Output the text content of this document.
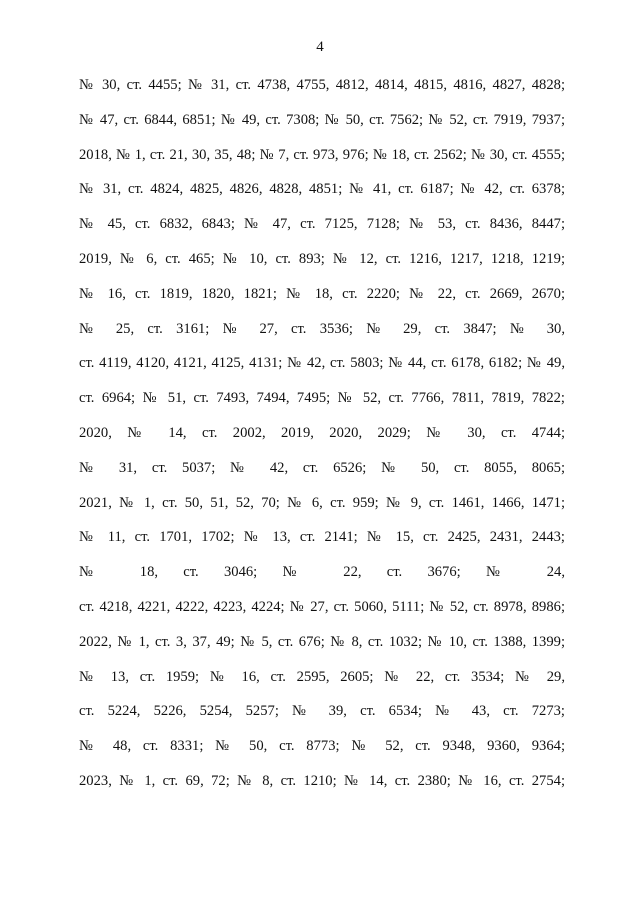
4
№ 30, ст. 4455; № 31, ст. 4738, 4755, 4812, 4814, 4815, 4816, 4827, 4828;
№ 47, ст. 6844, 6851; № 49, ст. 7308; № 50, ст. 7562; № 52, ст. 7919, 7937;
2018, № 1, ст. 21, 30, 35, 48; № 7, ст. 973, 976; № 18, ст. 2562; № 30, ст. 4555;
№ 31, ст. 4824, 4825, 4826, 4828, 4851; № 41, ст. 6187; № 42, ст. 6378;
№ 45, ст. 6832, 6843; № 47, ст. 7125, 7128; № 53, ст. 8436, 8447;
2019, № 6, ст. 465; № 10, ст. 893; № 12, ст. 1216, 1217, 1218, 1219;
№ 16, ст. 1819, 1820, 1821; № 18, ст. 2220; № 22, ст. 2669, 2670;
№ 25, ст. 3161; № 27, ст. 3536; № 29, ст. 3847; № 30,
ст. 4119, 4120, 4121, 4125, 4131; № 42, ст. 5803; № 44, ст. 6178, 6182; № 49,
ст. 6964; № 51, ст. 7493, 7494, 7495; № 52, ст. 7766, 7811, 7819, 7822;
2020, № 14, ст. 2002, 2019, 2020, 2029; № 30, ст. 4744;
№ 31, ст. 5037; № 42, ст. 6526; № 50, ст. 8055, 8065;
2021, № 1, ст. 50, 51, 52, 70; № 6, ст. 959; № 9, ст. 1461, 1466, 1471;
№ 11, ст. 1701, 1702; № 13, ст. 2141; № 15, ст. 2425, 2431, 2443;
№ 18, ст. 3046; № 22, ст. 3676; № 24,
ст. 4218, 4221, 4222, 4223, 4224; № 27, ст. 5060, 5111; № 52, ст. 8978, 8986;
2022, № 1, ст. 3, 37, 49; № 5, ст. 676; № 8, ст. 1032; № 10, ст. 1388, 1399;
№ 13, ст. 1959; № 16, ст. 2595, 2605; № 22, ст. 3534; № 29,
ст. 5224, 5226, 5254, 5257; № 39, ст. 6534; № 43, ст. 7273;
№ 48, ст. 8331; № 50, ст. 8773; № 52, ст. 9348, 9360, 9364;
2023, № 1, ст. 69, 72; № 8, ст. 1210; № 14, ст. 2380; № 16, ст. 2754;
